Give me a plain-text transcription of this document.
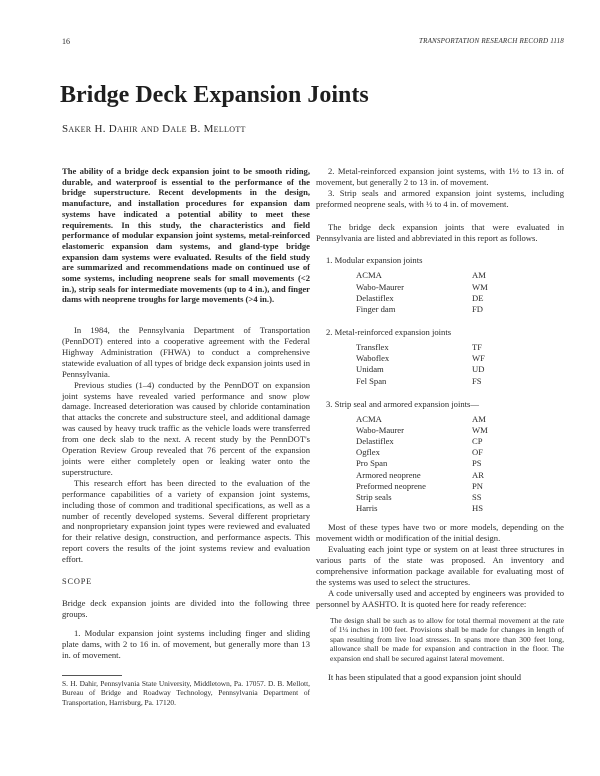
16	TRANSPORTATION RESEARCH RECORD 1118
Bridge Deck Expansion Joints
Saker H. Dahir and Dale B. Mellott

The ability of a bridge deck expansion joint to be smooth riding, durable, and waterproof is essential to the performance of the bridge superstructure. Recent developments in the design, manufacture, and installation procedures for expansion dam systems have indicated a potential ability to meet these requirements. In this study, the characteristics and field performance of modular expansion joint systems, metal-reinforced elastomeric expansion dam systems, and gland-type bridge expansion dam systems were evaluated. Results of the field study are summarized and recommendations made on continued use of some systems, including neoprene seals for small movements (<2 in.), strip seals for intermediate movements (up to 4 in.), and finger dams with neoprene troughs for large movements (>4 in.).

In 1984, the Pennsylvania Department of Transportation (PennDOT) entered into a cooperative agreement with the Federal Highway Administration (FHWA) to conduct a comprehensive statewide evaluation of all types of bridge deck expansion joints used in Pennsylvania.

Previous studies (1–4) conducted by the PennDOT on expansion joint systems have revealed varied performance and snow plow damage. Increased deterioration was caused by chloride contamination that attacks the concrete and substructure steel, and additional damage was caused by heavy truck traffic as the vehicle loads were transferred from one deck slab to the next. A recent study by the PennDOT's Operation Review Group revealed that 76 percent of the expansion joints were either completely open or leaking water onto the superstructure.

This research effort has been directed to the evaluation of the performance capabilities of a variety of expansion joint systems, including those of common and traditional specifications, as well as a number of recently developed systems. Several different proprietary and nonproprietary expansion joint types were reviewed and evaluated for their relative design, construction, and performance aspects. This report covers the results of the joint systems review and evaluation effort.

SCOPE

Bridge deck expansion joints are divided into the following three groups.

1. Modular expansion joint systems including finger and sliding plate dams, with 2 to 16 in. of movement, but generally more than 13 in. of movement.

S. H. Dahir, Pennsylvania State University, Middletown, Pa. 17057. D. B. Mellott, Bureau of Bridge and Roadway Technology, Pennsylvania Department of Transportation, Harrisburg, Pa. 17120.

2. Metal-reinforced expansion joint systems, with 1½ to 13 in. of movement, but generally 2 to 13 in. of movement.

3. Strip seals and armored expansion joint systems, including preformed neoprene seals, with ½ to 4 in. of movement.

The bridge deck expansion joints that were evaluated in Pennsylvania are listed and abbreviated in this report as follows.

1. Modular expansion joints
ACMA	AM
Wabo-Maurer	WM
Delastiflex	DE
Finger dam	FD
2. Metal-reinforced expansion joints
Transflex	TF
Waboflex	WF
Unidam	UD
Fel Span	FS
3. Strip seal and armored expansion joints—
ACMA	AM
Wabo-Maurer	WM
Delastiflex	CP
Ogflex	OF
Pro Span	PS
Armored neoprene	AR
Preformed neoprene	PN
Strip seals	SS
Harris	HS

Most of these types have two or more models, depending on the movement width or modification of the initial design.

Evaluating each joint type or system on at least three structures in various parts of the state was proposed. An inventory and comprehensive information package available for evaluating most of the systems was used to select the structures.

A code universally used and accepted by engineers was provided to personnel by AASHTO. It is quoted here for ready reference:

The design shall be such as to allow for total thermal movement at the rate of 1¼ inches in 100 feet. Provisions shall be made for changes in length of span resulting from live load stresses. In spans more than 300 feet long, allowance shall be made for expansion and contraction in the floor. The expansion end shall be secured against lateral movement.

It has been stipulated that a good expansion joint should
